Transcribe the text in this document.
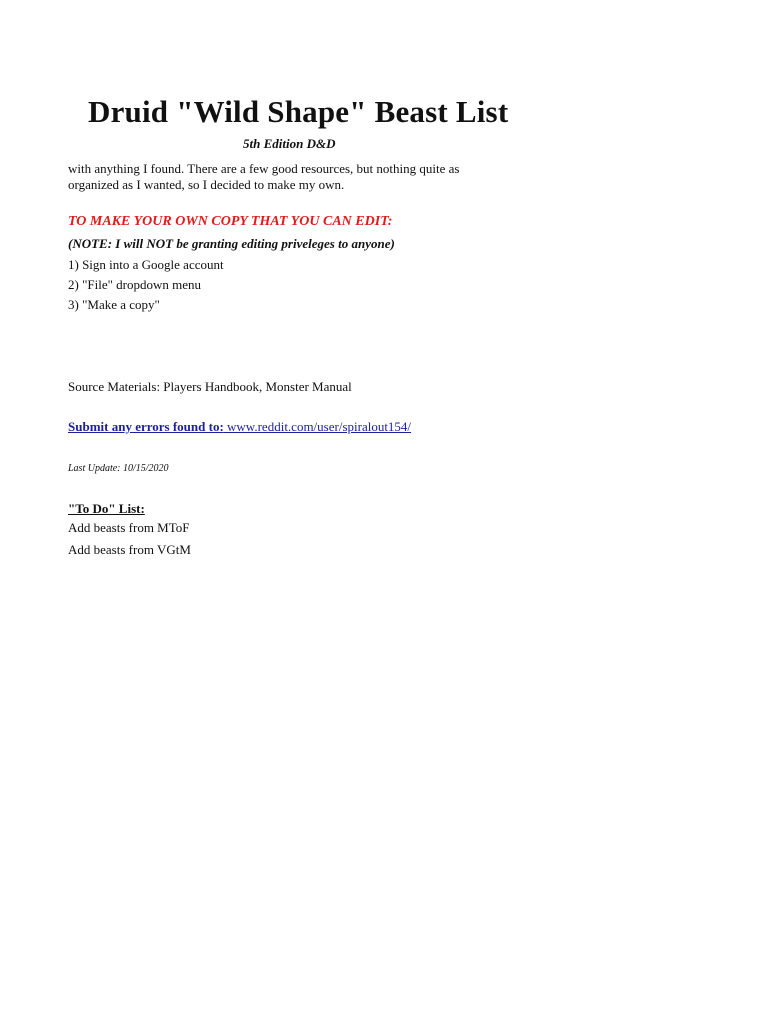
Druid "Wild Shape" Beast List
5th Edition D&D
with anything I found. There are a few good resources, but nothing quite as
organized as I wanted, so I decided to make my own.
TO MAKE YOUR OWN COPY THAT YOU CAN EDIT:
(NOTE: I will NOT be granting editing priveleges to anyone)
1) Sign into a Google account
2) "File" dropdown menu
3) "Make a copy"
Source Materials: Players Handbook, Monster Manual
Submit any errors found to: www.reddit.com/user/spiralout154/
Last Update: 10/15/2020
"To Do" List:
Add beasts from MToF
Add beasts from VGtM
